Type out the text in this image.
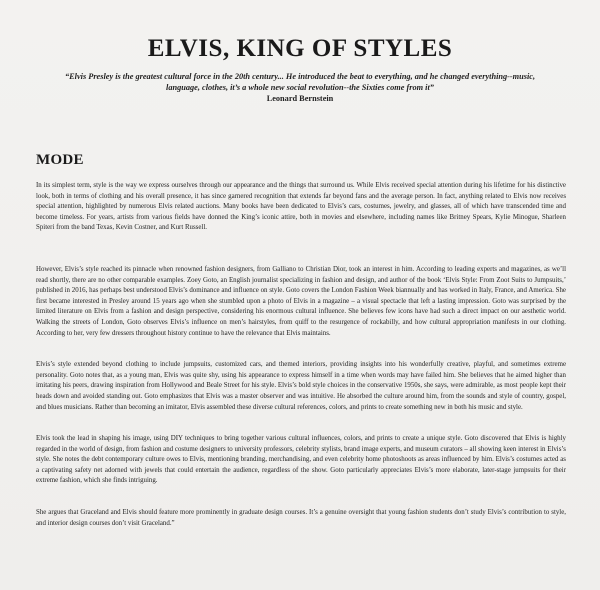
ELVIS, KING OF STYLES
“Elvis Presley is the greatest cultural force in the 20th century... He introduced the beat to everything, and he changed everything--music, language, clothes, it’s a whole new social revolution--the Sixties come from it”
Leonard Bernstein
MODE

In its simplest term, style is the way we express ourselves through our appearance and the things that surround us. While Elvis received special attention during his lifetime for his distinctive look, both in terms of clothing and his overall presence, it has since garnered recognition that extends far beyond fans and the average person. In fact, anything related to Elvis now receives special attention, highlighted by numerous Elvis related auctions. Many books have been dedicated to Elvis’s cars, costumes, jewelry, and glasses, all of which have transcended time and become timeless. For years, artists from various fields have donned the King’s iconic attire, both in movies and elsewhere, including names like Britney Spears, Kylie Minogue, Sharleen Spiteri from the band Texas, Kevin Costner, and Kurt Russell.

However, Elvis’s style reached its pinnacle when renowned fashion designers, from Galliano to Christian Dior, took an interest in him. According to leading experts and magazines, as we’ll read shortly, there are no other comparable examples. Zoey Goto, an English journalist specializing in fashion and design, and author of the book ‘Elvis Style: From Zoot Suits to Jumpsuits,’ published in 2016, has perhaps best understood Elvis’s dominance and influence on style. Goto covers the London Fashion Week biannually and has worked in Italy, France, and America. She first became interested in Presley around 15 years ago when she stumbled upon a photo of Elvis in a magazine – a visual spectacle that left a lasting impression. Goto was surprised by the limited literature on Elvis from a fashion and design perspective, considering his enormous cultural influence. She believes few icons have had such a direct impact on our aesthetic world. Walking the streets of London, Goto observes Elvis’s influence on men’s hairstyles, from quiff to the resurgence of rockabilly, and how cultural appropriation manifests in our clothing. According to her, very few dressers throughout history continue to have the relevance that Elvis maintains.

Elvis’s style extended beyond clothing to include jumpsuits, customized cars, and themed interiors, providing insights into his wonderfully creative, playful, and sometimes extreme personality. Goto notes that, as a young man, Elvis was quite shy, using his appearance to express himself in a time when words may have failed him. She believes that he aimed higher than imitating his peers, drawing inspiration from Hollywood and Beale Street for his style. Elvis’s bold style choices in the conservative 1950s, she says, were admirable, as most people kept their heads down and avoided standing out. Goto emphasizes that Elvis was a master observer and was intuitive. He absorbed the culture around him, from the sounds and style of country, gospel, and blues musicians. Rather than becoming an imitator, Elvis assembled these diverse cultural references, colors, and prints to create something new in both his music and style.

Elvis took the lead in shaping his image, using DIY techniques to bring together various cultural influences, colors, and prints to create a unique style. Goto discovered that Elvis is highly regarded in the world of design, from fashion and costume designers to university professors, celebrity stylists, brand image experts, and museum curators – all showing keen interest in Elvis’s style. She notes the debt contemporary culture owes to Elvis, mentioning branding, merchandising, and even celebrity home photoshoots as areas influenced by him. Elvis’s costumes acted as a captivating safety net adorned with jewels that could entertain the audience, regardless of the show. Goto particularly appreciates Elvis’s more elaborate, later-stage jumpsuits for their extreme fashion, which she finds intriguing.

She argues that Graceland and Elvis should feature more prominently in graduate design courses. It’s a genuine oversight that young fashion students don’t study Elvis’s contribution to style, and interior design courses don’t visit Graceland.”
